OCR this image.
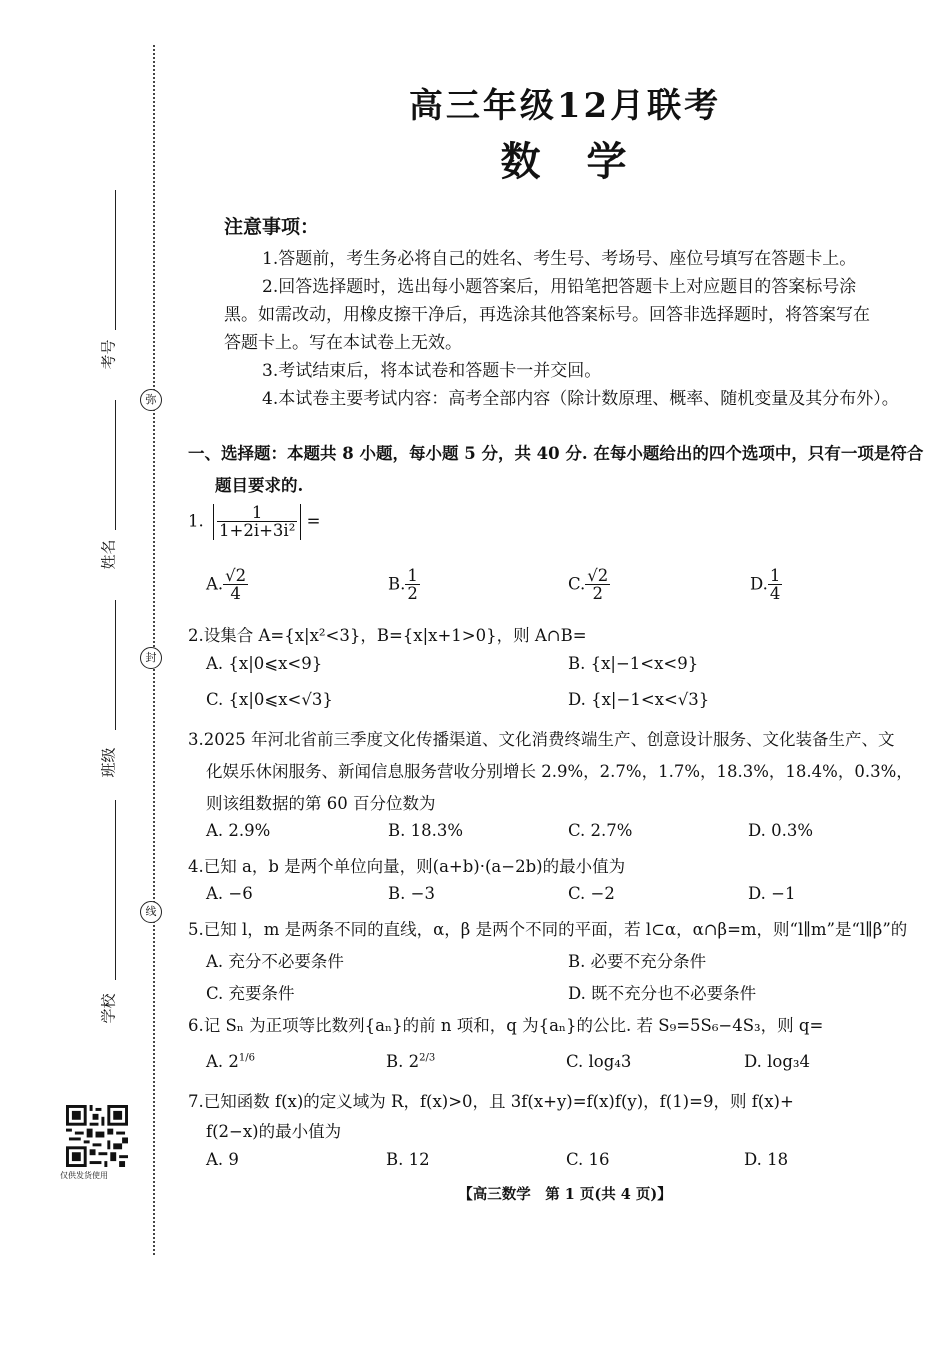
考号
姓名
班级
学校
弥
封
线
仅供发货使用
高三年级12月联考
数　学
注意事项：
1.答题前，考生务必将自己的姓名、考生号、考场号、座位号填写在答题卡上。
2.回答选择题时，选出每小题答案后，用铅笔把答题卡上对应题目的答案标号涂
黑。如需改动，用橡皮擦干净后，再选涂其他答案标号。回答非选择题时，将答案写在
答题卡上。写在本试卷上无效。
3.考试结束后，将本试卷和答题卡一并交回。
4.本试卷主要考试内容：高考全部内容（除计数原理、概率、随机变量及其分布外）。
一、选择题：本题共 8 小题，每小题 5 分，共 40 分. 在每小题给出的四个选项中，只有一项是符合
题目要求的.
1. $\frac{1}{\text{1+2i+3i²}}$ =
A. $\frac{√2}{4}$	B. $\frac{1}{2}$	C. $\frac{√2}{2}$	D. $\frac{1}{4}$
2.设集合 A={x|x²<3}，B={x|x+1>0}，则 A∩B=
A. {x|0⩽x<9}	B. {x|−1<x<9}
C. {x|0⩽x<√3}	D. {x|−1<x<√3}
3.2025 年河北省前三季度文化传播渠道、文化消费终端生产、创意设计服务、文化装备生产、文
化娱乐休闲服务、新闻信息服务营收分别增长 2.9%，2.7%，1.7%，18.3%，18.4%，0.3%，
则该组数据的第 60 百分位数为
A. 2.9%	B. 18.3%	C. 2.7%	D. 0.3%
4.已知 a，b 是两个单位向量，则(a+b)·(a−2b)的最小值为
A. −6	B. −3	C. −2	D. −1
5.已知 l，m 是两条不同的直线，α，β 是两个不同的平面，若 l⊂α，α∩β=m，则“l∥m”是“l∥β”的
A. 充分不必要条件	B. 必要不充分条件
C. 充要条件	D. 既不充分也不必要条件
6.记 Sₙ 为正项等比数列{aₙ}的前 n 项和，q 为{aₙ}的公比. 若 S₉=5S₆−4S₃，则 q=
A. $2^{1/6}$	B. $2^{2/3}$	C. log₄3	D. log₃4
7.已知函数 f(x)的定义域为 R，f(x)>0，且 3f(x+y)=f(x)f(y)，f(1)=9，则 f(x)+
f(2−x)的最小值为
A. 9	B. 12	C. 16	D. 18
【高三数学　第 1 页(共 4 页)】
